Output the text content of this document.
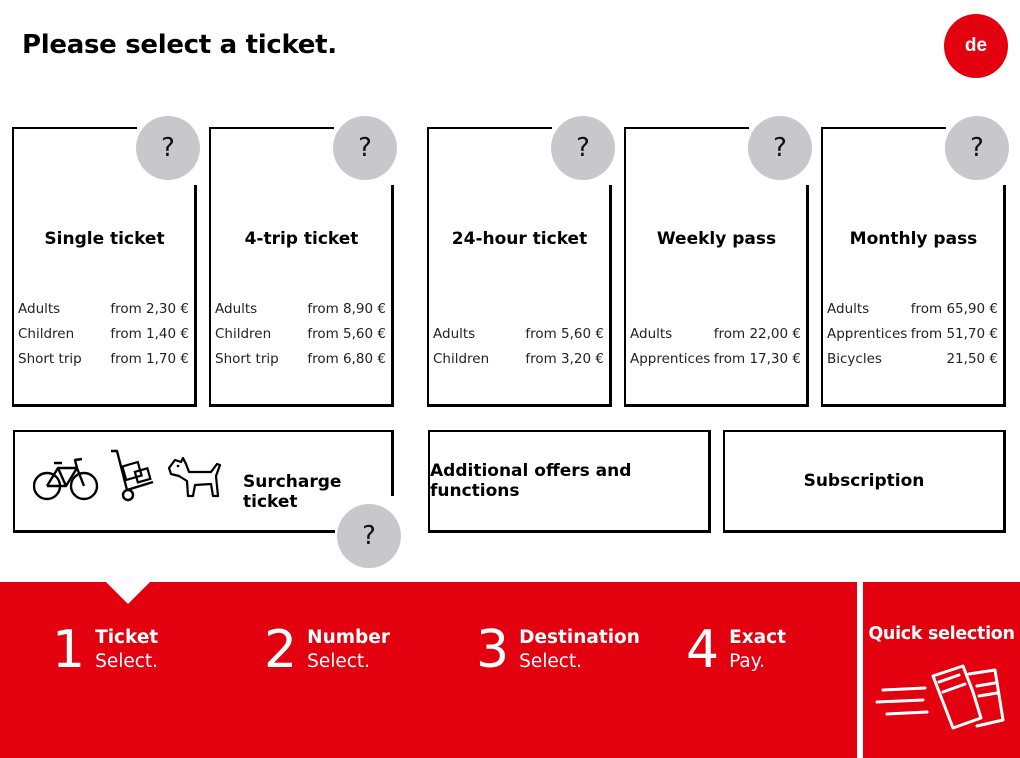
Please select a ticket.	de
?
Single ticket
Adults	from 2,30 €
Children	from 1,40 €
Short trip from 1,70 €
?
4-trip ticket
Adults	from 8,90 €
Children	from 5,60 €
Short trip from 6,80 €
?
24-hour ticket
Adults	from 5,60 €
Children	from 3,20 €
?
Weekly pass
Adults	from 22,00 €
Apprentices from 17,30 €
?
Monthly pass
Adults	from 65,90 €
Apprentices from 51,70 €
Bicycles	21,50 €
Surcharge ticket
?
Additional offers and functions	Subscription
1 Ticket
Select. 2 Number
Select.	3 Destination
Select.	4 Exact
Pay.
Quick selection
